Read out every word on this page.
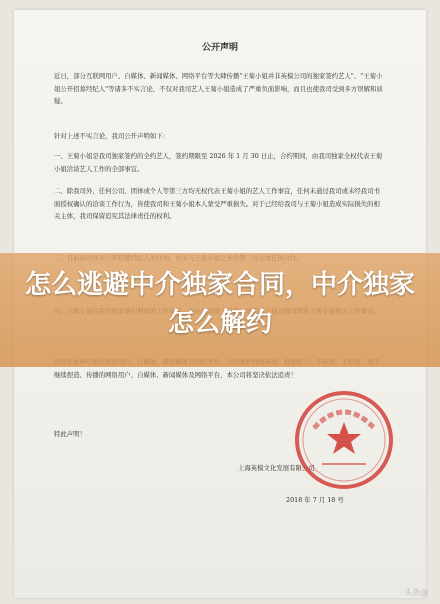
公开声明

近日，部分互联网用户、自媒体、新闻媒体、网络平台等大肆传播"王菊小姐并非英模公司的独家签约艺人"、"王菊小姐公开招募经纪人"等诸多不实言论，不仅对我司艺人王菊小姐造成了严重负面影响，而且也使我司受到多方误解和质疑。

针对上述不实言论，我司公开声明如下：

一、王菊小姐是我司独家签约的全约艺人，签约期限至 2026 年 1 月 30 日止，合约期间，由我司独家全权代表王菊小姐洽谈艺人工作的全部事宜。

二、除我司外，任何公司、团体或个人等第三方均无权代表王菊小姐的艺人工作事宜，任何未通过我司或未经我司书面授权确认的洽谈工作行为，皆使我司和王菊小姐本人蒙受严重损失。对于已经给我司与王菊小姐造成实际损失的相关主体，我司保留追究其法律责任的权利。

继续捏造、传播的网络用户、自媒体、新闻媒体及网络平台，本公司将坚决依法追责！

特此声明！

上海英模文化发展有限公司

2018 年 7 月 18 号

怎么逃避中介独家合同，中介独家怎么解约
头条@
